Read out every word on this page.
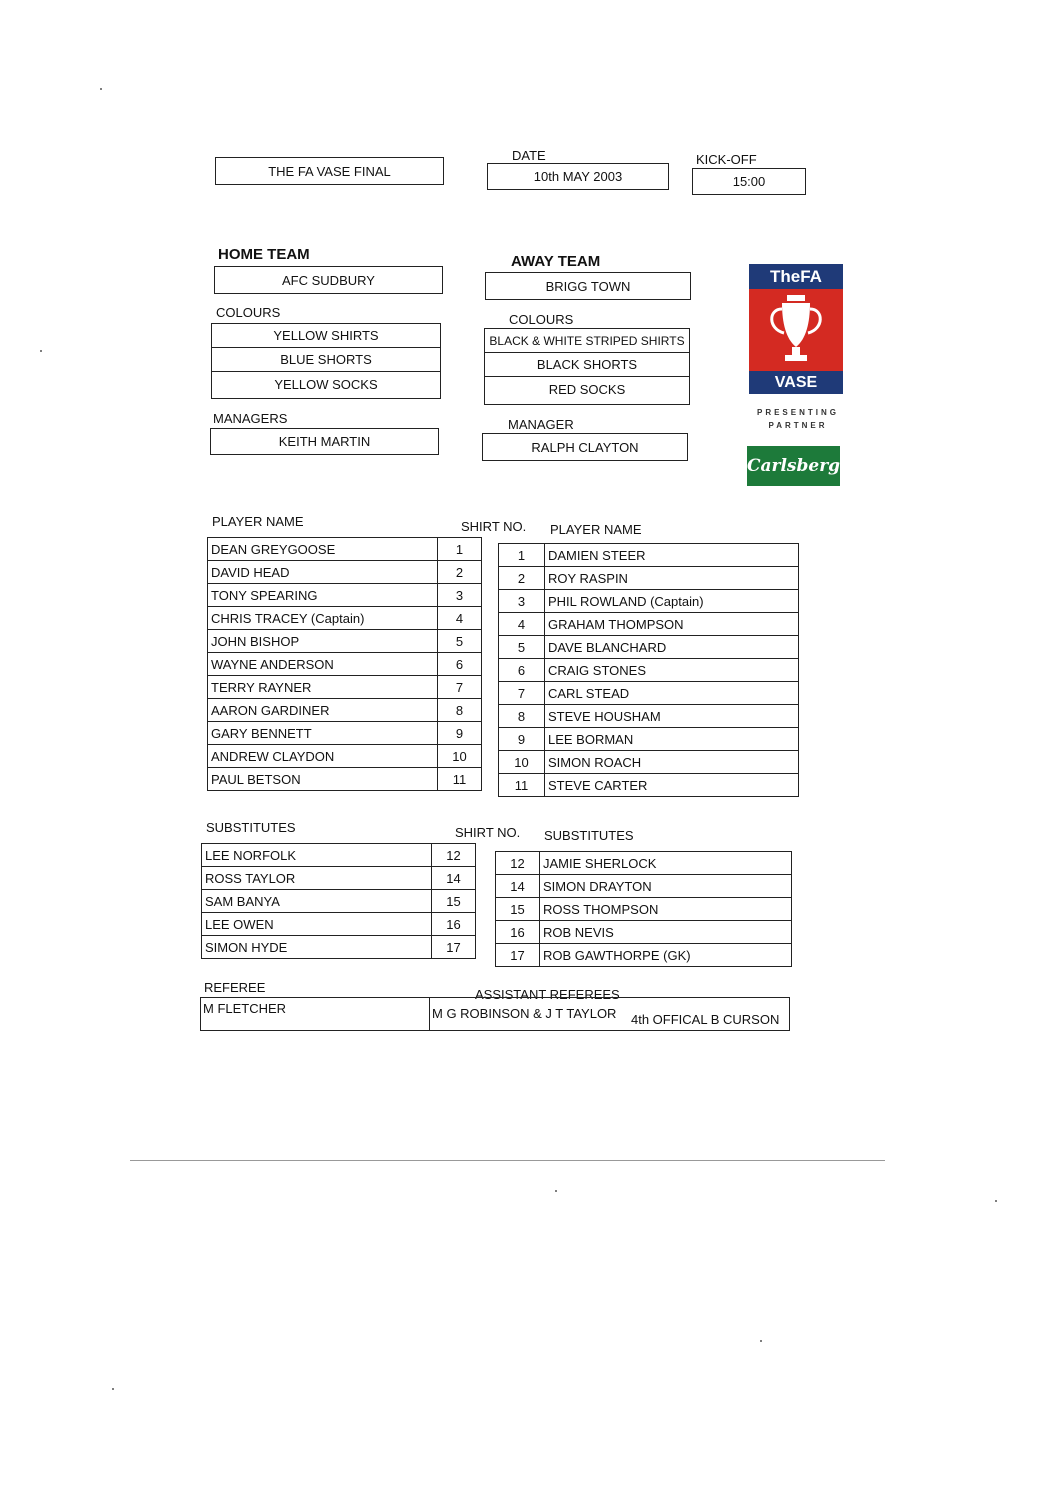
THE FA VASE FINAL
DATE
10th MAY 2003
KICK-OFF
15:00
HOME TEAM
AFC SUDBURY
COLOURS
YELLOW SHIRTS
BLUE SHORTS
YELLOW SOCKS
MANAGERS
KEITH MARTIN
AWAY TEAM
BRIGG TOWN
COLOURS
BLACK & WHITE STRIPED SHIRTS
BLACK SHORTS
RED SOCKS
MANAGER
RALPH CLAYTON
TheFA
VASE
PRESENTING
PARTNER
Carlsberg
PLAYER NAME	SHIRT NO. PLAYER NAME
DEAN GREYGOOSE	1
DAVID HEAD	2
TONY SPEARING	3
CHRIS TRACEY (Captain)	4
JOHN BISHOP	5
WAYNE ANDERSON	6
TERRY RAYNER	7
AARON GARDINER	8
GARY BENNETT	9
ANDREW CLAYDON	10
PAUL BETSON	11
1	DAMIEN STEER
2	ROY RASPIN
3	PHIL ROWLAND (Captain)
4	GRAHAM THOMPSON
5	DAVE BLANCHARD
6	CRAIG STONES
7	CARL STEAD
8	STEVE HOUSHAM
9	LEE BORMAN
10	SIMON ROACH
11	STEVE CARTER
SUBSTITUTES	SHIRT NO. SUBSTITUTES
LEE NORFOLK	12
ROSS TAYLOR	14
SAM BANYA	15
LEE OWEN	16
SIMON HYDE	17
12	JAMIE SHERLOCK
14	SIMON DRAYTON
15	ROSS THOMPSON
16	ROB NEVIS
17	ROB GAWTHORPE (GK)
REFEREE	ASSISTANT REFEREES
M FLETCHER	M G ROBINSON & J T TAYLOR 4th OFFICAL B CURSON
